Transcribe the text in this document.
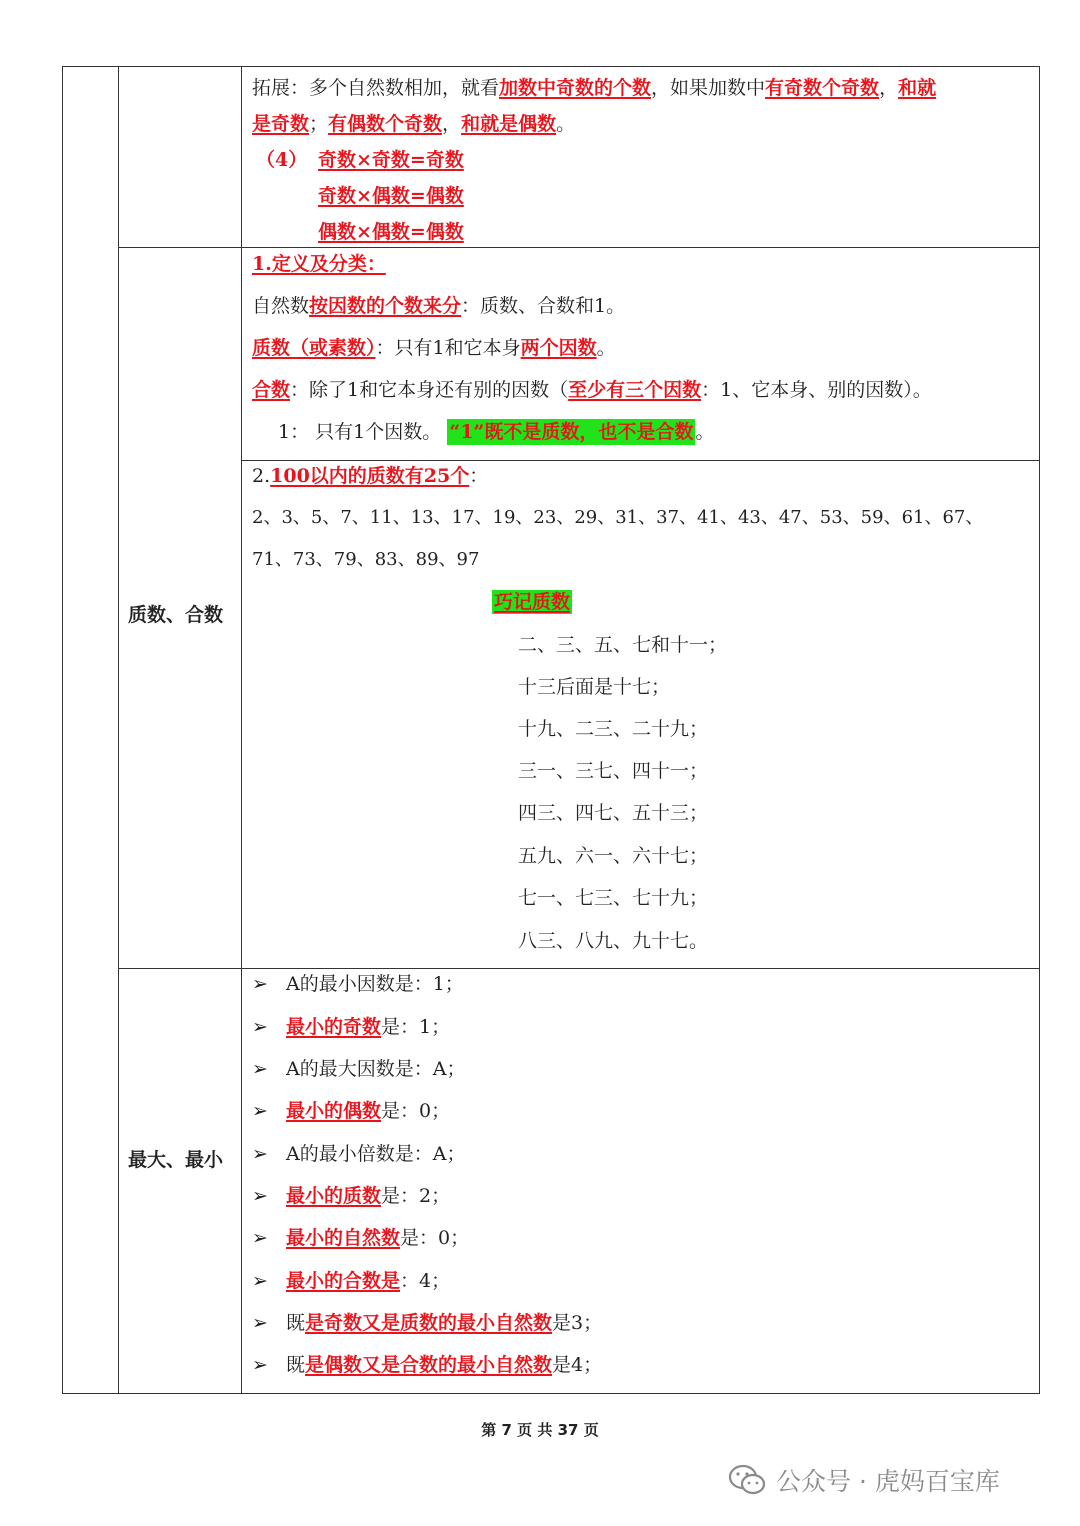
拓展：多个自然数相加，就看加数中奇数的个数，如果加数中有奇数个奇数，和就
是奇数；有偶数个奇数，和就是偶数。
（4） 奇数×奇数=奇数
奇数×偶数=偶数
偶数×偶数=偶数
质数、合数
1.定义及分类：
自然数按因数的个数来分：质数、合数和1。
质数（或素数）：只有1和它本身两个因数。
合数：除了1和它本身还有别的因数（至少有三个因数：1、它本身、别的因数）。
1： 只有1个因数。 “1”既不是质数，也不是合数 。
2.100以内的质数有25个：
2、3、5、7、11、13、17、19、23、29、31、37、41、43、47、53、59、61、67、
71、73、79、83、89、97
巧记质数
二、三、五、七和十一；
十三后面是十七；
十九、二三、二十九；
三一、三七、四十一；
四三、四七、五十三；
五九、六一、六十七；
七一、七三、七十九；
八三、八九、九十七。
最大、最小
➢ A的最小因数是：1；
➢ 最小的奇数是：1；
➢ A的最大因数是：A；
➢ 最小的偶数是：0；
➢ A的最小倍数是：A；
➢ 最小的质数是：2；
➢ 最小的自然数是：0；
➢ 最小的合数是：4；
➢ 既是奇数又是质数的最小自然数是3；
➢ 既是偶数又是合数的最小自然数是4；
第 7 页 共 37 页
公众号 · 虎妈百宝库
